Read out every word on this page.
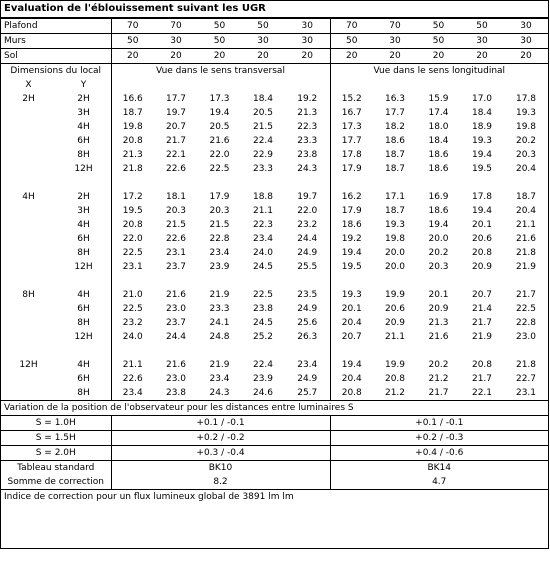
Evaluation de l'éblouissement suivant les UGR
Plafond	70	70	50	50	30	70	70	50	50	30
Murs	50	30	50	30	30	50	30	50	30	30
Sol	20	20	20	20	20	20	20	20	20	20
Dimensions du local	Vue dans le sens transversal					Vue dans le sens longitudinal				
X Y										
2H 2H	16.6	17.7	17.3	18.4	19.2	15.2	16.3	15.9	17.0	17.8
3H	18.7	19.7	19.4	20.5	21.3	16.7	17.7	17.4	18.4	19.3
4H	19.8	20.7	20.5	21.5	22.3	17.3	18.2	18.0	18.9	19.8
6H	20.8	21.7	21.6	22.4	23.3	17.7	18.6	18.4	19.3	20.2
8H	21.3	22.1	22.0	22.9	23.8	17.8	18.7	18.6	19.4	20.3
12H	21.8	22.6	22.5	23.3	24.3	17.9	18.7	18.6	19.5	20.4

4H 2H	17.2	18.1	17.9	18.8	19.7	16.2	17.1	16.9	17.8	18.7
3H	19.5	20.3	20.3	21.1	22.0	17.9	18.7	18.6	19.4	20.4
4H	20.8	21.5	21.5	22.3	23.2	18.6	19.3	19.4	20.1	21.1
6H	22.0	22.6	22.8	23.4	24.4	19.2	19.8	20.0	20.6	21.6
8H	22.5	23.1	23.4	24.0	24.9	19.4	20.0	20.2	20.8	21.8
12H	23.1	23.7	23.9	24.5	25.5	19.5	20.0	20.3	20.9	21.9

8H 4H	21.0	21.6	21.9	22.5	23.5	19.3	19.9	20.1	20.7	21.7
6H	22.5	23.0	23.3	23.8	24.9	20.1	20.6	20.9	21.4	22.5
8H	23.2	23.7	24.1	24.5	25.6	20.4	20.9	21.3	21.7	22.8
12H	24.0	24.4	24.8	25.2	26.3	20.7	21.1	21.6	21.9	23.0

12H 4H	21.1	21.6	21.9	22.4	23.4	19.4	19.9	20.2	20.8	21.8
6H	22.6	23.0	23.4	23.9	24.9	20.4	20.8	21.2	21.7	22.7
8H	23.4	23.8	24.3	24.6	25.7	20.8	21.2	21.7	22.1	23.1
Variation de la position de l'observateur pour les distances entre luminaires S										
S = 1.0H	+0.1 / -0.1					+0.1 / -0.1				
S = 1.5H	+0.2 / -0.2					+0.2 / -0.3				
S = 2.0H	+0.3 / -0.4					+0.4 / -0.6				
Tableau standard	BK10					BK14				
Somme de correction	8.2					4.7				
Indice de correction pour un flux lumineux global de 3891 lm lm
